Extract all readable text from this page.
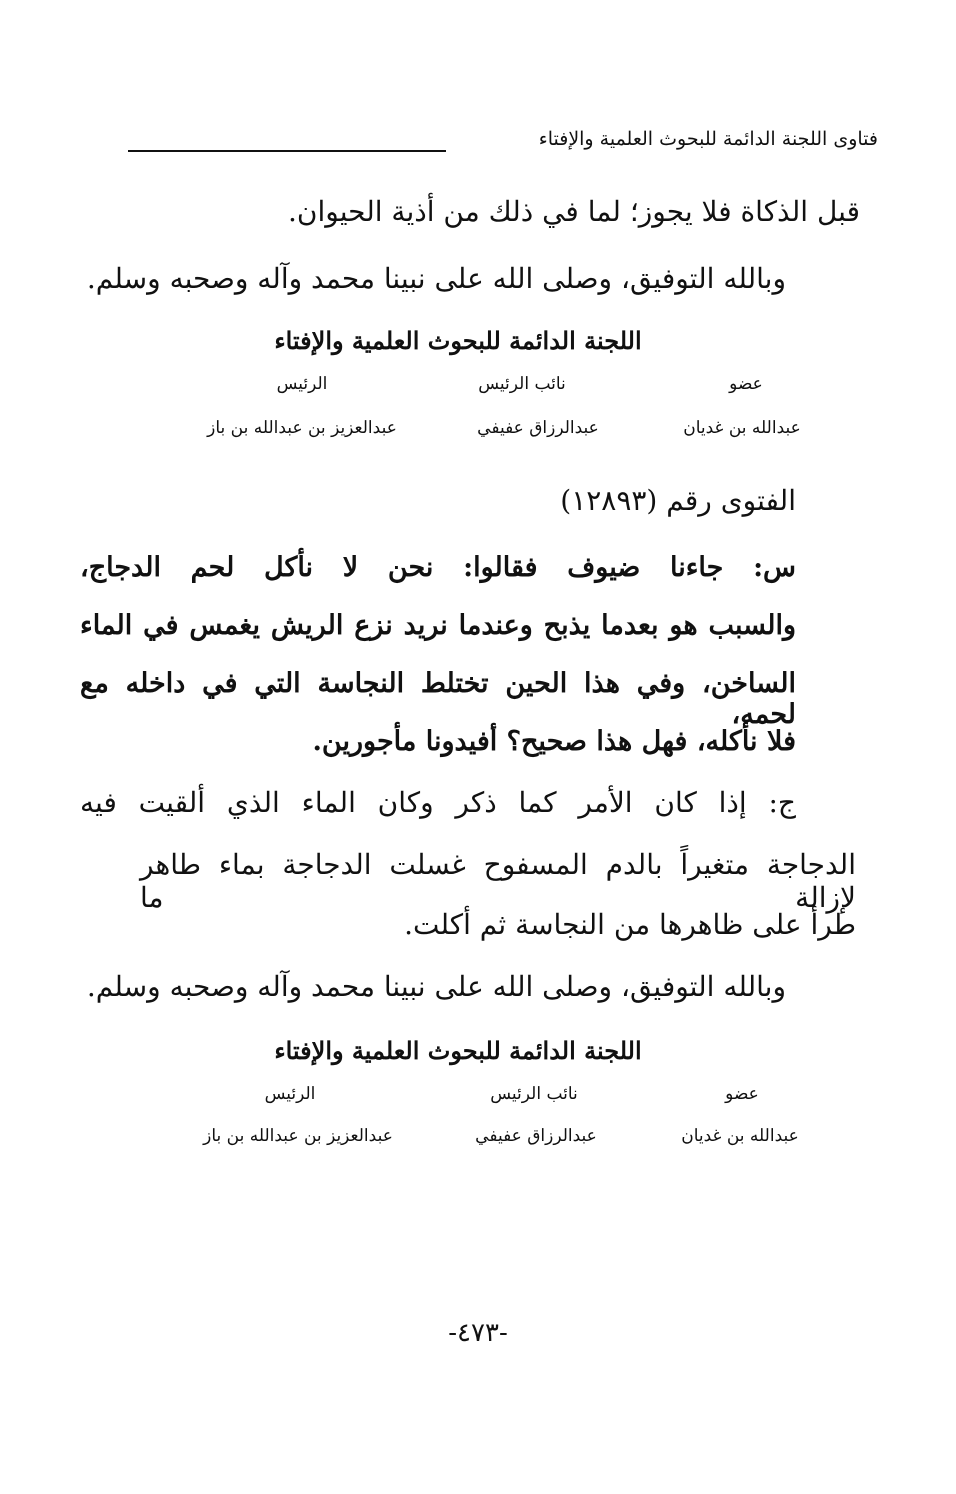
فتاوى اللجنة الدائمة للبحوث العلمية والإفتاء
قبل الذكاة فلا يجوز؛ لما في ذلك من أذية الحيوان.
وبالله التوفيق، وصلى الله على نبينا محمد وآله وصحبه وسلم.
اللجنة الدائمة للبحوث العلمية والإفتاء
عضو
نائب الرئيس
الرئيس
عبدالله بن غديان
عبدالرزاق عفيفي
عبدالعزيز بن عبدالله بن باز
الفتوى رقم (١٢٨٩٣)
س: جاءنا ضيوف فقالوا: نحن لا نأكل لحم الدجاج،
والسبب هو بعدما يذبح وعندما نريد نزع الريش يغمس في الماء
الساخن، وفي هذا الحين تختلط النجاسة التي في داخله مع لحمه،
فلا نأكله، فهل هذا صحيح؟ أفيدونا مأجورين.
ج: إذا كان الأمر كما ذكر وكان الماء الذي ألقيت فيه
الدجاجة متغيراً بالدم المسفوح غسلت الدجاجة بماء طاهر لإزالة ما
طرأ على ظاهرها من النجاسة ثم أكلت.
وبالله التوفيق، وصلى الله على نبينا محمد وآله وصحبه وسلم.
اللجنة الدائمة للبحوث العلمية والإفتاء
عضو
نائب الرئيس
الرئيس
عبدالله بن غديان
عبدالرزاق عفيفي
عبدالعزيز بن عبدالله بن باز
-٤٧٣-
